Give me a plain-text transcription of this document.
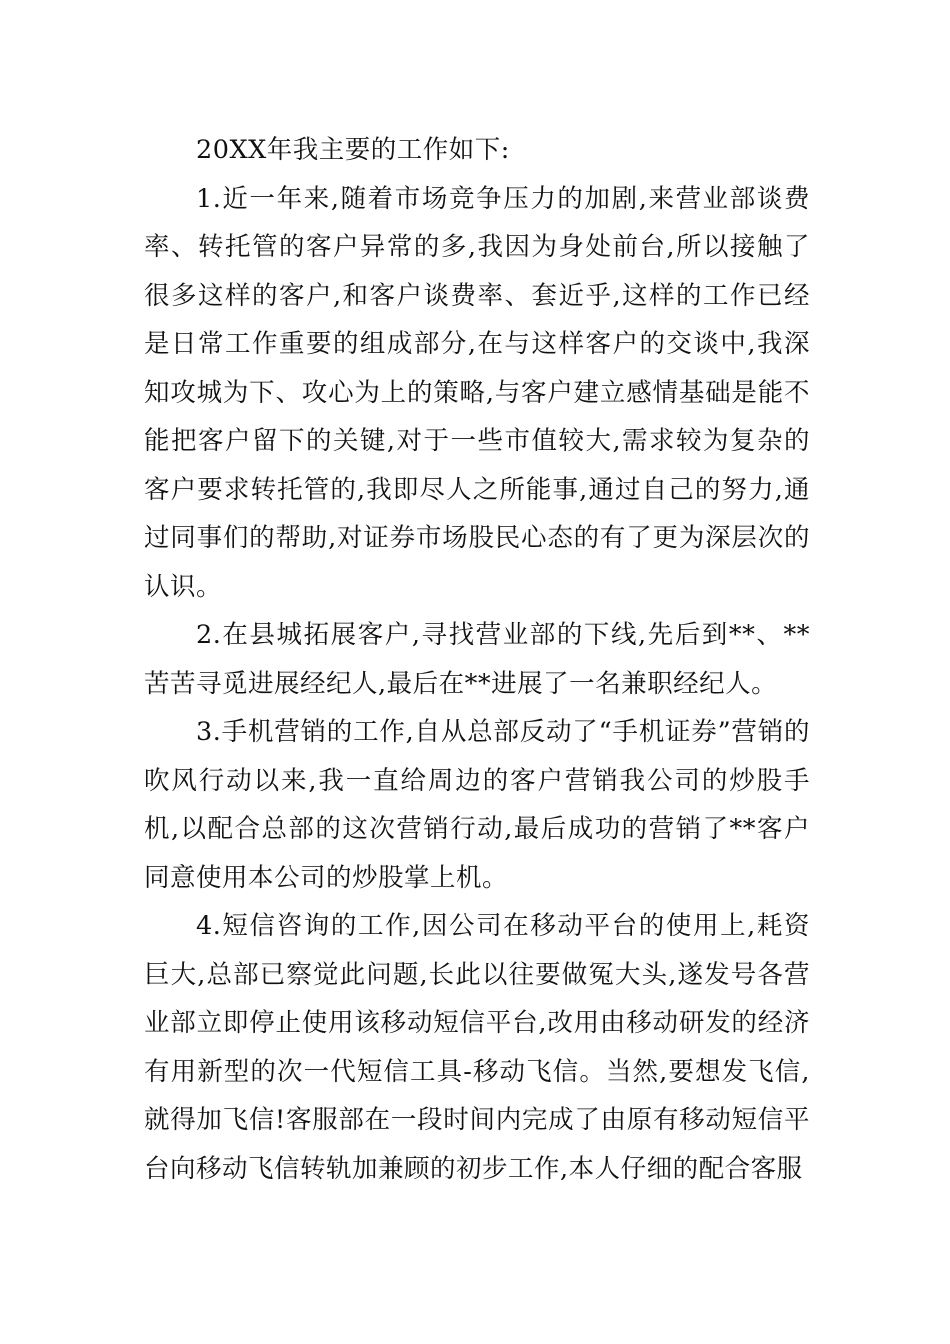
20XX年我主要的工作如下:

1.近一年来,随着市场竞争压力的加剧,来营业部谈费率、转托管的客户异常的多,我因为身处前台,所以接触了很多这样的客户,和客户谈费率、套近乎,这样的工作已经是日常工作重要的组成部分,在与这样客户的交谈中,我深知攻城为下、攻心为上的策略,与客户建立感情基础是能不能把客户留下的关键,对于一些市值较大,需求较为复杂的客户要求转托管的,我即尽人之所能事,通过自己的努力,通过同事们的帮助,对证券市场股民心态的有了更为深层次的认识。

2.在县城拓展客户,寻找营业部的下线,先后到**、**苦苦寻觅进展经纪人,最后在**进展了一名兼职经纪人。

3.手机营销的工作,自从总部反动了“手机证券”营销的吹风行动以来,我一直给周边的客户营销我公司的炒股手机,以配合总部的这次营销行动,最后成功的营销了**客户同意使用本公司的炒股掌上机。

4.短信咨询的工作,因公司在移动平台的使用上,耗资巨大,总部已察觉此问题,长此以往要做冤大头,遂发号各营业部立即停止使用该移动短信平台,改用由移动研发的经济有用新型的次一代短信工具-移动飞信。当然,要想发飞信,就得加飞信!客服部在一段时间内完成了由原有移动短信平台向移动飞信转轨加兼顾的初步工作,本人仔细的配合客服
